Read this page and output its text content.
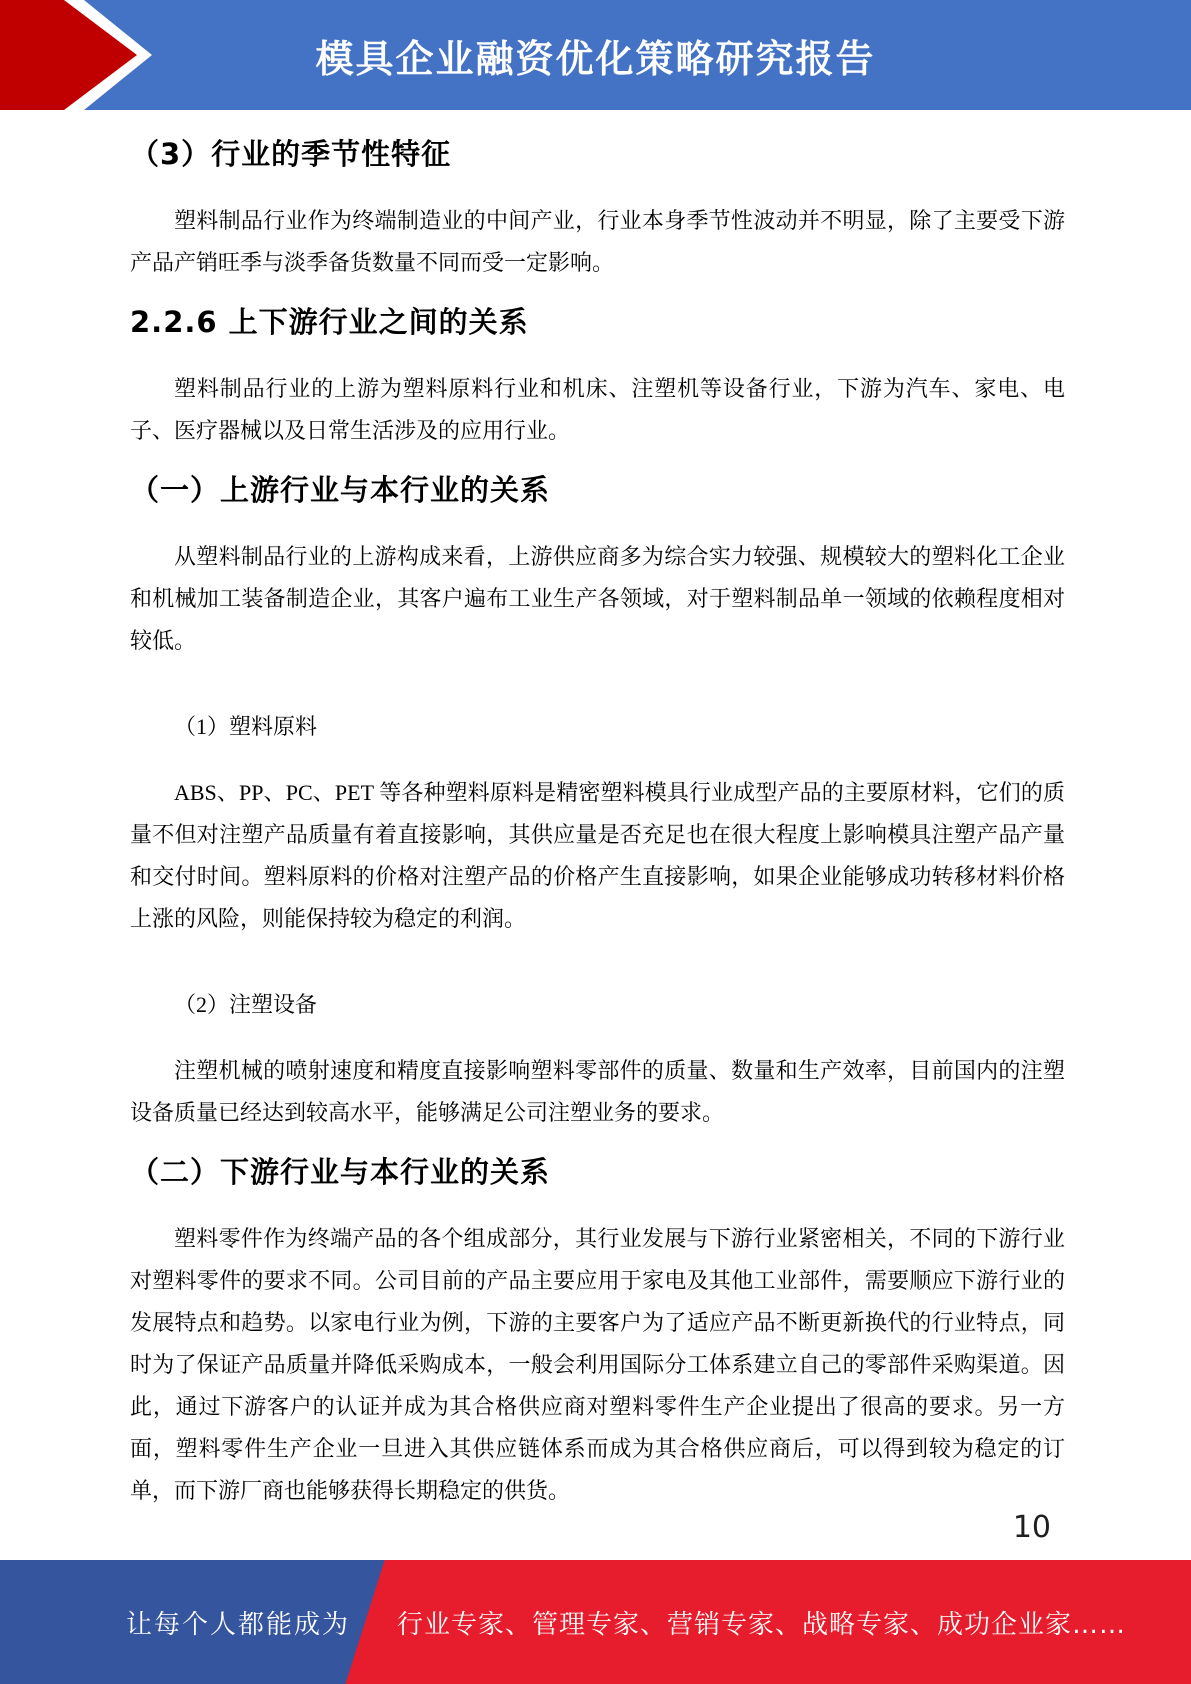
模具企业融资优化策略研究报告
（3）行业的季节性特征

塑料制品行业作为终端制造业的中间产业，行业本身季节性波动并不明显，除了主要受下游产品产销旺季与淡季备货数量不同而受一定影响。

2.2.6 上下游行业之间的关系

塑料制品行业的上游为塑料原料行业和机床、注塑机等设备行业，下游为汽车、家电、电子、医疗器械以及日常生活涉及的应用行业。

（一）上游行业与本行业的关系

从塑料制品行业的上游构成来看，上游供应商多为综合实力较强、规模较大的塑料化工企业和机械加工装备制造企业，其客户遍布工业生产各领域，对于塑料制品单一领域的依赖程度相对较低。

（1）塑料原料

ABS、PP、PC、PET 等各种塑料原料是精密塑料模具行业成型产品的主要原材料，它们的质量不但对注塑产品质量有着直接影响，其供应量是否充足也在很大程度上影响模具注塑产品产量和交付时间。塑料原料的价格对注塑产品的价格产生直接影响，如果企业能够成功转移材料价格上涨的风险，则能保持较为稳定的利润。

（2）注塑设备

注塑机械的喷射速度和精度直接影响塑料零部件的质量、数量和生产效率，目前国内的注塑设备质量已经达到较高水平，能够满足公司注塑业务的要求。

（二）下游行业与本行业的关系

塑料零件作为终端产品的各个组成部分，其行业发展与下游行业紧密相关，不同的下游行业对塑料零件的要求不同。公司目前的产品主要应用于家电及其他工业部件，需要顺应下游行业的发展特点和趋势。以家电行业为例，下游的主要客户为了适应产品不断更新换代的行业特点，同时为了保证产品质量并降低采购成本，一般会利用国际分工体系建立自己的零部件采购渠道。因此，通过下游客户的认证并成为其合格供应商对塑料零件生产企业提出了很高的要求。另一方面，塑料零件生产企业一旦进入其供应链体系而成为其合格供应商后，可以得到较为稳定的订单，而下游厂商也能够获得长期稳定的供货。

10
让每个人都能成为 行业专家、管理专家、营销专家、战略专家、成功企业家……
